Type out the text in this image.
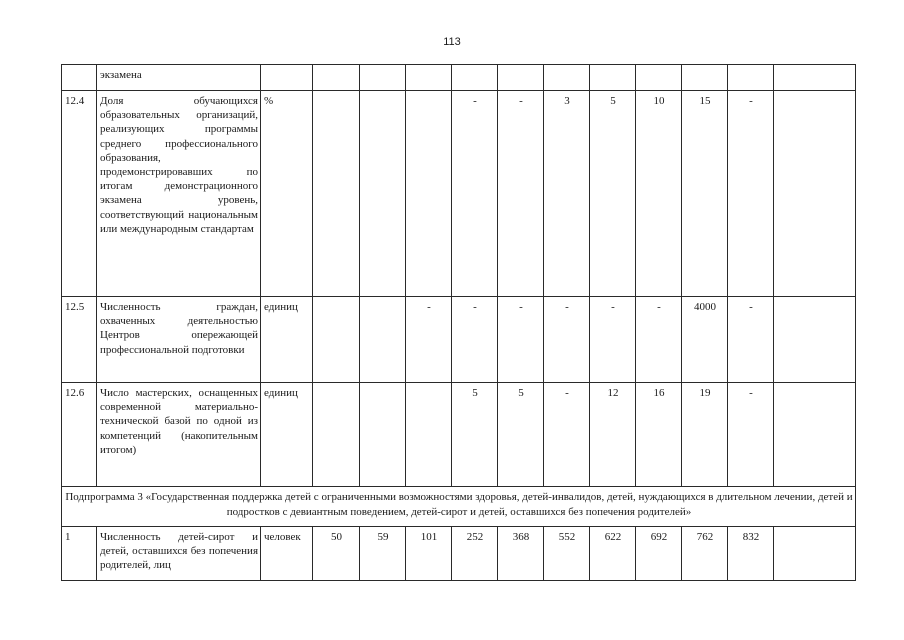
113
	экзамена												
12.4	Доля обучающихся образовательных организаций, реализующих программы среднего профессионального образования, продемонстрировавших по итогам демонстрационного экзамена уровень, соответствующий национальным или международным стандартам	%				-	-	3	5	10	15	-	
12.5	Численность граждан, охваченных деятельностью Центров опережающей профессиональной подготовки	единиц			-	-	-	-	-	-	4000	-	
12.6	Число мастерских, оснащенных современной материально-технической базой по одной из компетенций (накопительным итогом)	единиц				5	5	-	12	16	19	-	
Подпрограмма 3 «Государственная поддержка детей с ограниченными возможностями здоровья, детей-инвалидов, детей, нуждающихся в длительном лечении, детей и подростков с девиантным поведением, детей-сирот и детей, оставшихся без попечения родителей»													
1	Численность детей-сирот и детей, оставшихся без попечения родителей, лиц	человек	50	59	101	252	368	552	622	692	762	832	
